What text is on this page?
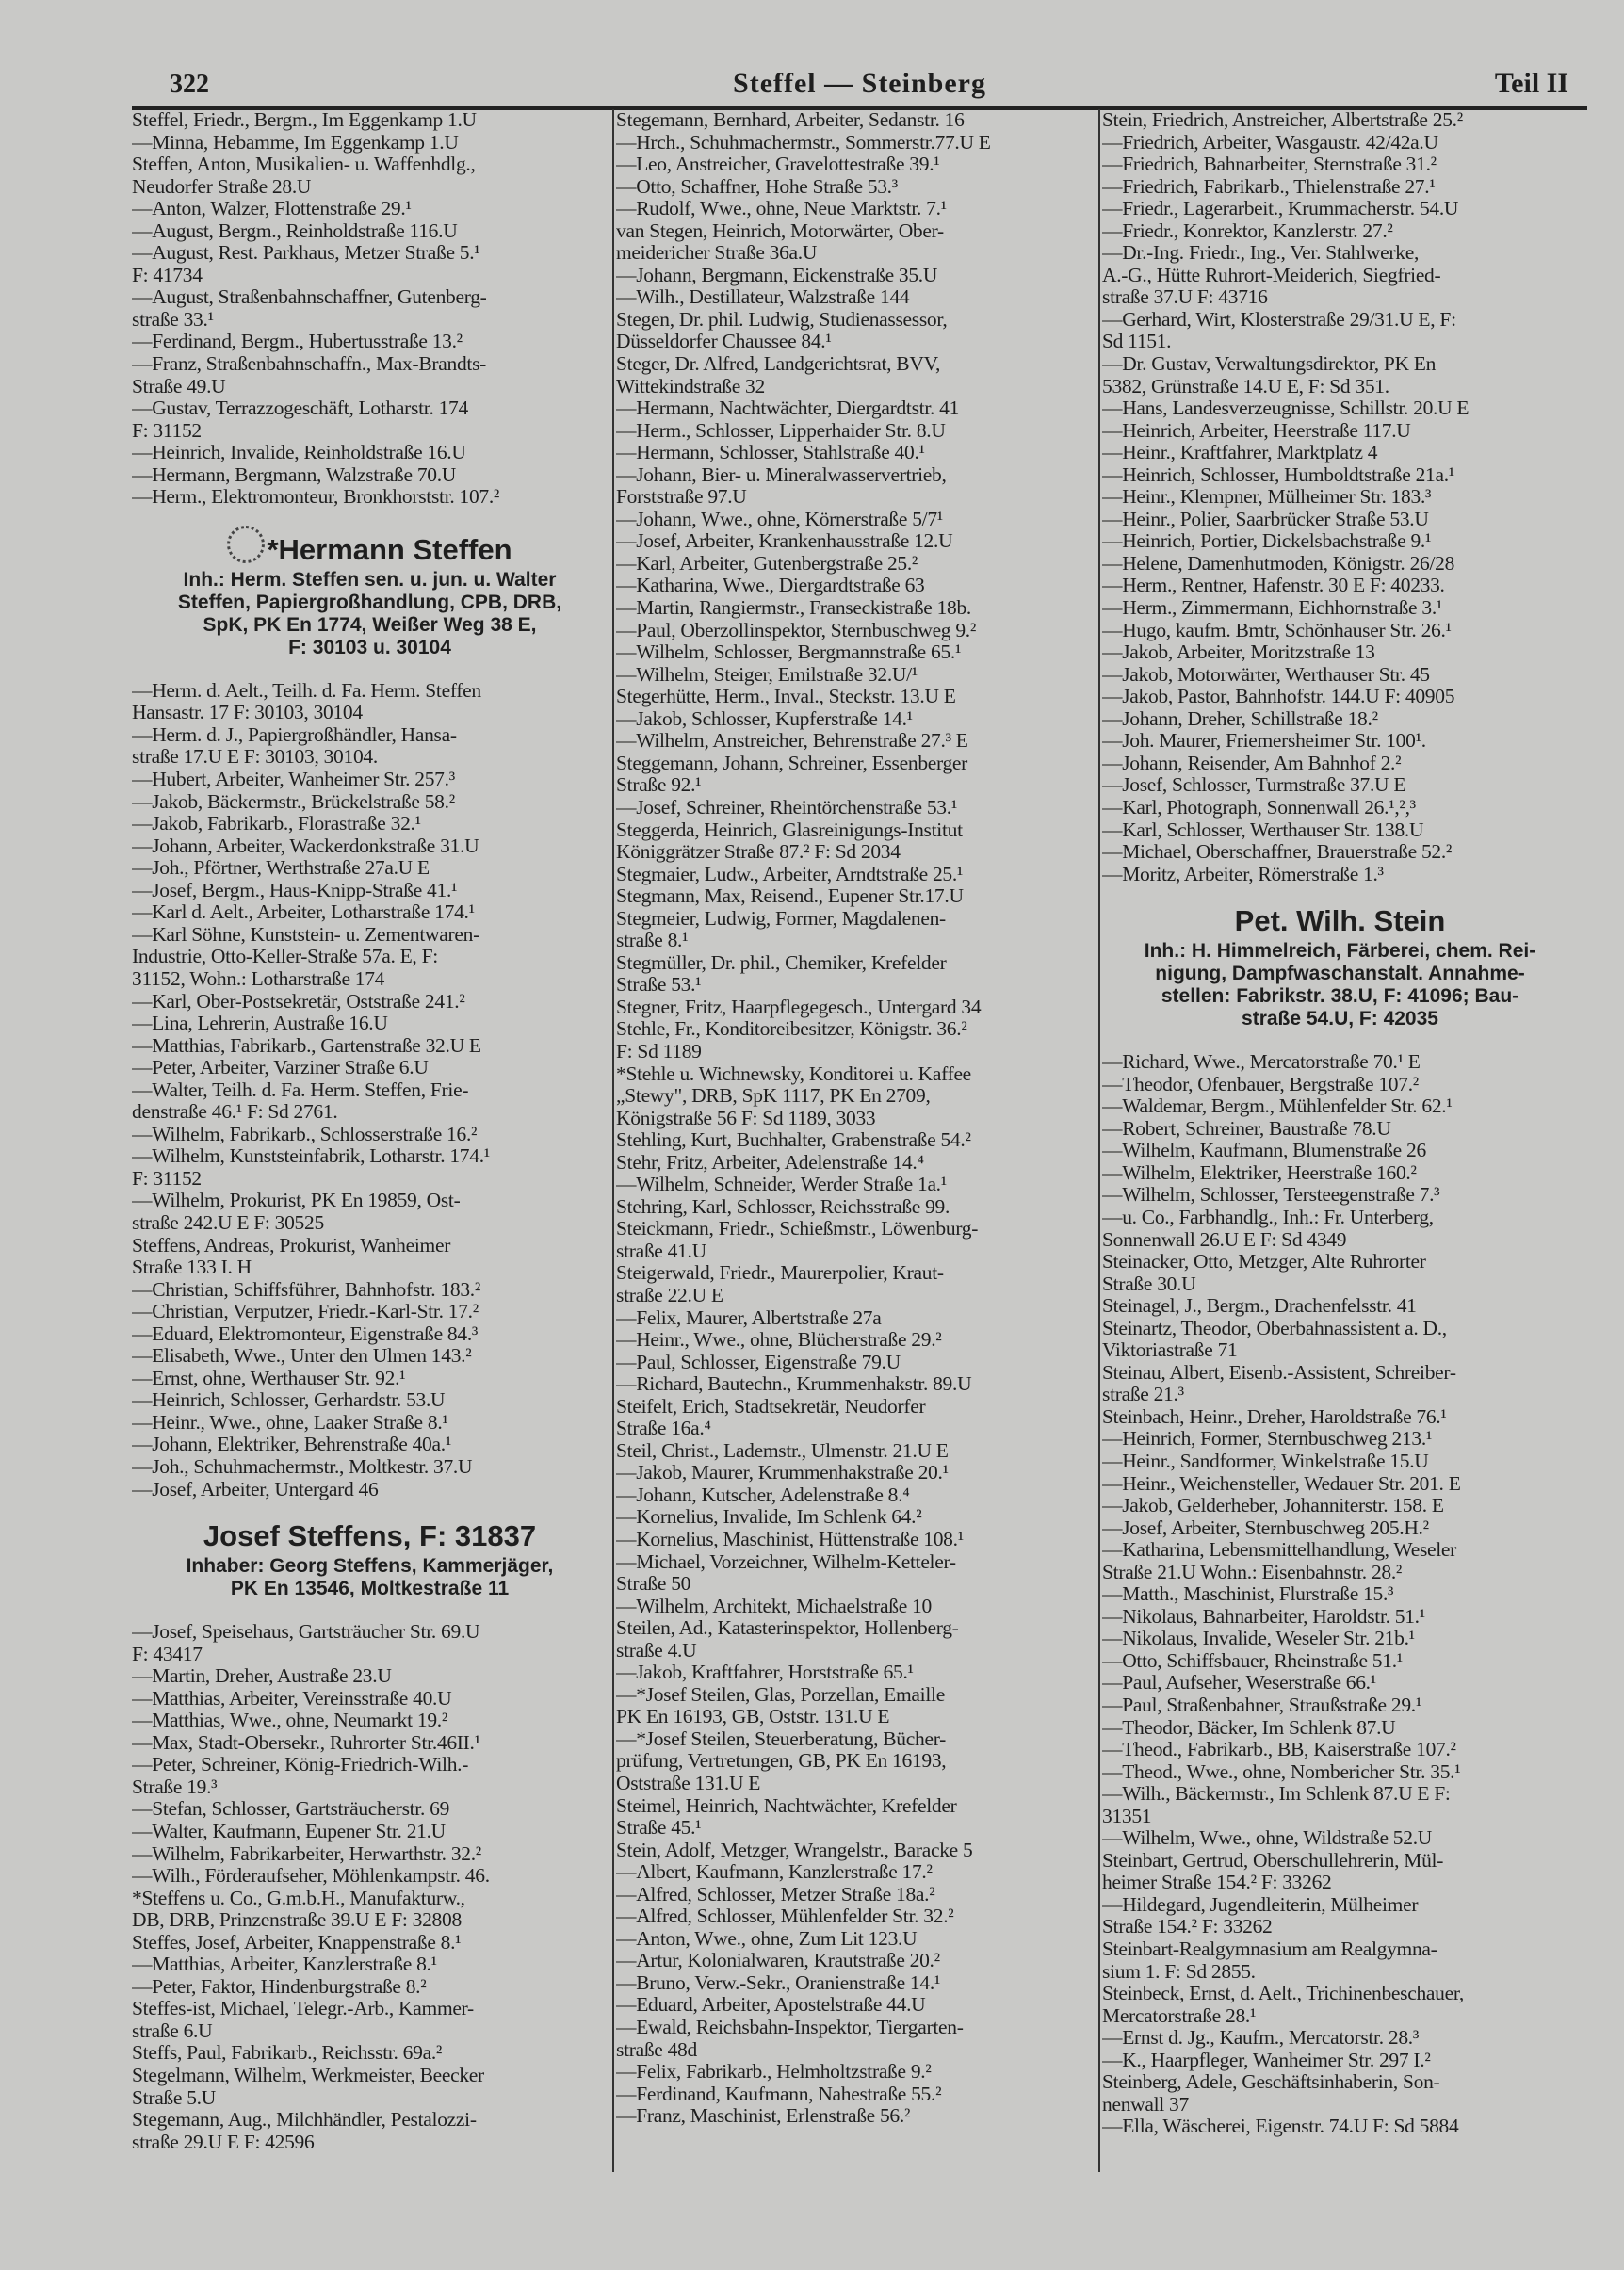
322	Steffel — Steinberg	Teil II
Steffel, Friedr., Bergm., Im Eggenkamp 1.U
—Minna, Hebamme, Im Eggenkamp 1.U
Steffen, Anton, Musikalien- u. Waffenhdlg.,
Neudorfer Straße 28.U
—Anton, Walzer, Flottenstraße 29.¹
—August, Bergm., Reinholdstraße 116.U
—August, Rest. Parkhaus, Metzer Straße 5.¹
F: 41734
—August, Straßenbahnschaffner, Gutenberg-
straße 33.¹
—Ferdinand, Bergm., Hubertusstraße 13.²
—Franz, Straßenbahnschaffn., Max-Brandts-
Straße 49.U
—Gustav, Terrazzogeschäft, Lotharstr. 174
F: 31152
—Heinrich, Invalide, Reinholdstraße 16.U
—Hermann, Bergmann, Walzstraße 70.U
—Herm., Elektromonteur, Bronkhorststr. 107.²
*Hermann Steffen
Inh.: Herm. Steffen sen. u. jun. u. Walter
Steffen, Papiergroßhandlung, CPB, DRB,
SpK, PK En 1774, Weißer Weg 38 E,
F: 30103 u. 30104
—Herm. d. Aelt., Teilh. d. Fa. Herm. Steffen
Hansastr. 17 F: 30103, 30104
—Herm. d. J., Papiergroßhändler, Hansa-
straße 17.U E F: 30103, 30104.
—Hubert, Arbeiter, Wanheimer Str. 257.³
—Jakob, Bäckermstr., Brückelstraße 58.²
—Jakob, Fabrikarb., Florastraße 32.¹
—Johann, Arbeiter, Wackerdonkstraße 31.U
—Joh., Pförtner, Werthstraße 27a.U E
—Josef, Bergm., Haus-Knipp-Straße 41.¹
—Karl d. Aelt., Arbeiter, Lotharstraße 174.¹
—Karl Söhne, Kunststein- u. Zementwaren-
Industrie, Otto-Keller-Straße 57a. E, F:
31152, Wohn.: Lotharstraße 174
—Karl, Ober-Postsekretär, Oststraße 241.²
—Lina, Lehrerin, Austraße 16.U
—Matthias, Fabrikarb., Gartenstraße 32.U E
—Peter, Arbeiter, Varziner Straße 6.U
—Walter, Teilh. d. Fa. Herm. Steffen, Frie-
denstraße 46.¹ F: Sd 2761.
—Wilhelm, Fabrikarb., Schlosserstraße 16.²
—Wilhelm, Kunststeinfabrik, Lotharstr. 174.¹
F: 31152
—Wilhelm, Prokurist, PK En 19859, Ost-
straße 242.U E F: 30525
Steffens, Andreas, Prokurist, Wanheimer
Straße 133 I. H
—Christian, Schiffsführer, Bahnhofstr. 183.²
—Christian, Verputzer, Friedr.-Karl-Str. 17.²
—Eduard, Elektromonteur, Eigenstraße 84.³
—Elisabeth, Wwe., Unter den Ulmen 143.²
—Ernst, ohne, Werthauser Str. 92.¹
—Heinrich, Schlosser, Gerhardstr. 53.U
—Heinr., Wwe., ohne, Laaker Straße 8.¹
—Johann, Elektriker, Behrenstraße 40a.¹
—Joh., Schuhmachermstr., Moltkestr. 37.U
—Josef, Arbeiter, Untergard 46
Josef Steffens, F: 31837
Inhaber: Georg Steffens, Kammerjäger,
PK En 13546, Moltkestraße 11
—Josef, Speisehaus, Gartsträucher Str. 69.U
F: 43417
—Martin, Dreher, Austraße 23.U
—Matthias, Arbeiter, Vereinsstraße 40.U
—Matthias, Wwe., ohne, Neumarkt 19.²
—Max, Stadt-Obersekr., Ruhrorter Str.46II.¹
—Peter, Schreiner, König-Friedrich-Wilh.-
Straße 19.³
—Stefan, Schlosser, Gartsträucherstr. 69
—Walter, Kaufmann, Eupener Str. 21.U
—Wilhelm, Fabrikarbeiter, Herwarthstr. 32.²
—Wilh., Förderaufseher, Möhlenkampstr. 46.
*Steffens u. Co., G.m.b.H., Manufakturw.,
DB, DRB, Prinzenstraße 39.U E F: 32808
Steffes, Josef, Arbeiter, Knappenstraße 8.¹
—Matthias, Arbeiter, Kanzlerstraße 8.¹
—Peter, Faktor, Hindenburgstraße 8.²
Steffes-ist, Michael, Telegr.-Arb., Kammer-
straße 6.U
Steffs, Paul, Fabrikarb., Reichsstr. 69a.²
Stegelmann, Wilhelm, Werkmeister, Beecker
Straße 5.U
Stegemann, Aug., Milchhändler, Pestalozzi-
straße 29.U E F: 42596
Stegemann, Bernhard, Arbeiter, Sedanstr. 16
—Hrch., Schuhmachermstr., Sommerstr.77.U E
—Leo, Anstreicher, Gravelottestraße 39.¹
—Otto, Schaffner, Hohe Straße 53.³
—Rudolf, Wwe., ohne, Neue Marktstr. 7.¹
van Stegen, Heinrich, Motorwärter, Ober-
meidericher Straße 36a.U
—Johann, Bergmann, Eickenstraße 35.U
—Wilh., Destillateur, Walzstraße 144
Stegen, Dr. phil. Ludwig, Studienassessor,
Düsseldorfer Chaussee 84.¹
Steger, Dr. Alfred, Landgerichtsrat, BVV,
Wittekindstraße 32
—Hermann, Nachtwächter, Diergardtstr. 41
—Herm., Schlosser, Lipperhaider Str. 8.U
—Hermann, Schlosser, Stahlstraße 40.¹
—Johann, Bier- u. Mineralwasservertrieb,
Forststraße 97.U
—Johann, Wwe., ohne, Körnerstraße 5/7¹
—Josef, Arbeiter, Krankenhausstraße 12.U
—Karl, Arbeiter, Gutenbergstraße 25.²
—Katharina, Wwe., Diergardtstraße 63
—Martin, Rangiermstr., Franseckistraße 18b.
—Paul, Oberzollinspektor, Sternbuschweg 9.²
—Wilhelm, Schlosser, Bergmannstraße 65.¹
—Wilhelm, Steiger, Emilstraße 32.U/¹
Stegerhütte, Herm., Inval., Steckstr. 13.U E
—Jakob, Schlosser, Kupferstraße 14.¹
—Wilhelm, Anstreicher, Behrenstraße 27.³ E
Steggemann, Johann, Schreiner, Essenberger
Straße 92.¹
—Josef, Schreiner, Rheintörchenstraße 53.¹
Steggerda, Heinrich, Glasreinigungs-Institut
Königgrätzer Straße 87.² F: Sd 2034
Stegmaier, Ludw., Arbeiter, Arndtstraße 25.¹
Stegmann, Max, Reisend., Eupener Str.17.U
Stegmeier, Ludwig, Former, Magdalenen-
straße 8.¹
Stegmüller, Dr. phil., Chemiker, Krefelder
Straße 53.¹
Stegner, Fritz, Haarpflegegesch., Untergard 34
Stehle, Fr., Konditoreibesitzer, Königstr. 36.²
F: Sd 1189
*Stehle u. Wichnewsky, Konditorei u. Kaffee
„Stewy", DRB, SpK 1117, PK En 2709,
Königstraße 56 F: Sd 1189, 3033
Stehling, Kurt, Buchhalter, Grabenstraße 54.²
Stehr, Fritz, Arbeiter, Adelenstraße 14.⁴
—Wilhelm, Schneider, Werder Straße 1a.¹
Stehring, Karl, Schlosser, Reichsstraße 99.
Steickmann, Friedr., Schießmstr., Löwenburg-
straße 41.U
Steigerwald, Friedr., Maurerpolier, Kraut-
straße 22.U E
—Felix, Maurer, Albertstraße 27a
—Heinr., Wwe., ohne, Blücherstraße 29.²
—Paul, Schlosser, Eigenstraße 79.U
—Richard, Bautechn., Krummenhakstr. 89.U
Steifelt, Erich, Stadtsekretär, Neudorfer
Straße 16a.⁴
Steil, Christ., Lademstr., Ulmenstr. 21.U E
—Jakob, Maurer, Krummenhakstraße 20.¹
—Johann, Kutscher, Adelenstraße 8.⁴
—Kornelius, Invalide, Im Schlenk 64.²
—Kornelius, Maschinist, Hüttenstraße 108.¹
—Michael, Vorzeichner, Wilhelm-Ketteler-
Straße 50
—Wilhelm, Architekt, Michaelstraße 10
Steilen, Ad., Katasterinspektor, Hollenberg-
straße 4.U
—Jakob, Kraftfahrer, Horststraße 65.¹
—*Josef Steilen, Glas, Porzellan, Emaille
PK En 16193, GB, Oststr. 131.U E
—*Josef Steilen, Steuerberatung, Bücher-
prüfung, Vertretungen, GB, PK En 16193,
Oststraße 131.U E
Steimel, Heinrich, Nachtwächter, Krefelder
Straße 45.¹
Stein, Adolf, Metzger, Wrangelstr., Baracke 5
—Albert, Kaufmann, Kanzlerstraße 17.²
—Alfred, Schlosser, Metzer Straße 18a.²
—Alfred, Schlosser, Mühlenfelder Str. 32.²
—Anton, Wwe., ohne, Zum Lit 123.U
—Artur, Kolonialwaren, Krautstraße 20.²
—Bruno, Verw.-Sekr., Oranienstraße 14.¹
—Eduard, Arbeiter, Apostelstraße 44.U
—Ewald, Reichsbahn-Inspektor, Tiergarten-
straße 48d
—Felix, Fabrikarb., Helmholtzstraße 9.²
—Ferdinand, Kaufmann, Nahestraße 55.²
—Franz, Maschinist, Erlenstraße 56.²
Stein, Friedrich, Anstreicher, Albertstraße 25.²
—Friedrich, Arbeiter, Wasgaustr. 42/42a.U
—Friedrich, Bahnarbeiter, Sternstraße 31.²
—Friedrich, Fabrikarb., Thielenstraße 27.¹
—Friedr., Lagerarbeit., Krummacherstr. 54.U
—Friedr., Konrektor, Kanzlerstr. 27.²
—Dr.-Ing. Friedr., Ing., Ver. Stahlwerke,
A.-G., Hütte Ruhrort-Meiderich, Siegfried-
straße 37.U F: 43716
—Gerhard, Wirt, Klosterstraße 29/31.U E, F:
Sd 1151.
—Dr. Gustav, Verwaltungsdirektor, PK En
5382, Grünstraße 14.U E, F: Sd 351.
—Hans, Landesverzeugnisse, Schillstr. 20.U E
—Heinrich, Arbeiter, Heerstraße 117.U
—Heinr., Kraftfahrer, Marktplatz 4
—Heinrich, Schlosser, Humboldtstraße 21a.¹
—Heinr., Klempner, Mülheimer Str. 183.³
—Heinr., Polier, Saarbrücker Straße 53.U
—Heinrich, Portier, Dickelsbachstraße 9.¹
—Helene, Damenhutmoden, Königstr. 26/28
—Herm., Rentner, Hafenstr. 30 E F: 40233.
—Herm., Zimmermann, Eichhornstraße 3.¹
—Hugo, kaufm. Bmtr, Schönhauser Str. 26.¹
—Jakob, Arbeiter, Moritzstraße 13
—Jakob, Motorwärter, Werthauser Str. 45
—Jakob, Pastor, Bahnhofstr. 144.U F: 40905
—Johann, Dreher, Schillstraße 18.²
—Joh. Maurer, Friemersheimer Str. 100¹.
—Johann, Reisender, Am Bahnhof 2.²
—Josef, Schlosser, Turmstraße 37.U E
—Karl, Photograph, Sonnenwall 26.¹,²,³
—Karl, Schlosser, Werthauser Str. 138.U
—Michael, Oberschaffner, Brauerstraße 52.²
—Moritz, Arbeiter, Römerstraße 1.³
Pet. Wilh. Stein
Inh.: H. Himmelreich, Färberei, chem. Rei-
nigung, Dampfwaschanstalt. Annahme-
stellen: Fabrikstr. 38.U, F: 41096; Bau-
straße 54.U, F: 42035
—Richard, Wwe., Mercatorstraße 70.¹ E
—Theodor, Ofenbauer, Bergstraße 107.²
—Waldemar, Bergm., Mühlenfelder Str. 62.¹
—Robert, Schreiner, Baustraße 78.U
—Wilhelm, Kaufmann, Blumenstraße 26
—Wilhelm, Elektriker, Heerstraße 160.²
—Wilhelm, Schlosser, Tersteegenstraße 7.³
—u. Co., Farbhandlg., Inh.: Fr. Unterberg,
Sonnenwall 26.U E F: Sd 4349
Steinacker, Otto, Metzger, Alte Ruhrorter
Straße 30.U
Steinagel, J., Bergm., Drachenfelsstr. 41
Steinartz, Theodor, Oberbahnassistent a. D.,
Viktoriastraße 71
Steinau, Albert, Eisenb.-Assistent, Schreiber-
straße 21.³
Steinbach, Heinr., Dreher, Haroldstraße 76.¹
—Heinrich, Former, Sternbuschweg 213.¹
—Heinr., Sandformer, Winkelstraße 15.U
—Heinr., Weichensteller, Wedauer Str. 201. E
—Jakob, Gelderheber, Johanniterstr. 158. E
—Josef, Arbeiter, Sternbuschweg 205.H.²
—Katharina, Lebensmittelhandlung, Weseler
Straße 21.U Wohn.: Eisenbahnstr. 28.²
—Matth., Maschinist, Flurstraße 15.³
—Nikolaus, Bahnarbeiter, Haroldstr. 51.¹
—Nikolaus, Invalide, Weseler Str. 21b.¹
—Otto, Schiffsbauer, Rheinstraße 51.¹
—Paul, Aufseher, Weserstraße 66.¹
—Paul, Straßenbahner, Straußstraße 29.¹
—Theodor, Bäcker, Im Schlenk 87.U
—Theod., Fabrikarb., BB, Kaiserstraße 107.²
—Theod., Wwe., ohne, Nombericher Str. 35.¹
—Wilh., Bäckermstr., Im Schlenk 87.U E F:
31351
—Wilhelm, Wwe., ohne, Wildstraße 52.U
Steinbart, Gertrud, Oberschullehrerin, Mül-
heimer Straße 154.² F: 33262
—Hildegard, Jugendleiterin, Mülheimer
Straße 154.² F: 33262
Steinbart-Realgymnasium am Realgymna-
sium 1. F: Sd 2855.
Steinbeck, Ernst, d. Aelt., Trichinenbeschauer,
Mercatorstraße 28.¹
—Ernst d. Jg., Kaufm., Mercatorstr. 28.³
—K., Haarpfleger, Wanheimer Str. 297 I.²
Steinberg, Adele, Geschäftsinhaberin, Son-
nenwall 37
—Ella, Wäscherei, Eigenstr. 74.U F: Sd 5884
